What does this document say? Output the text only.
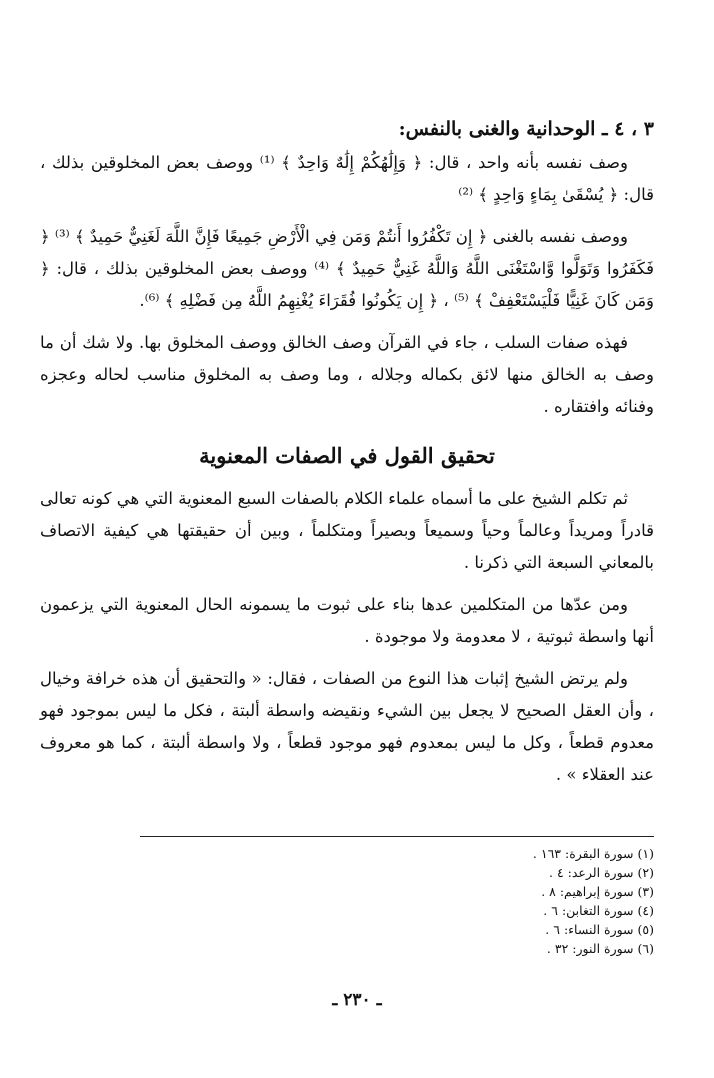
٣ ، ٤ ـ الوحدانية والغنى بالنفس:

وصف نفسه بأنه واحد ، قال: ﴿ وَإِلَٰهُكُمْ إِلَٰهٌ وَاحِدٌ ﴾ ⁽¹⁾ ووصف بعض المخلوقين بذلك ، قال: ﴿ يُسْقَىٰ بِمَاءٍ وَاحِدٍ ﴾ ⁽²⁾

ووصف نفسه بالغنى ﴿ إِن تَكْفُرُوا أَنتُمْ وَمَن فِي الْأَرْضِ جَمِيعًا فَإِنَّ اللَّهَ لَغَنِيٌّ حَمِيدٌ ﴾ ⁽³⁾ ﴿ فَكَفَرُوا وَتَوَلَّوا وَّاسْتَغْنَى اللَّهُ وَاللَّهُ غَنِيٌّ حَمِيدٌ ﴾ ⁽⁴⁾ ووصف بعض المخلوقين بذلك ، قال: ﴿ وَمَن كَانَ غَنِيًّا فَلْيَسْتَعْفِفْ ﴾ ⁽⁵⁾ ، ﴿ إِن يَكُونُوا فُقَرَاءَ يُغْنِهِمُ اللَّهُ مِن فَضْلِهِ ﴾ ⁽⁶⁾.

فهذه صفات السلب ، جاء في القرآن وصف الخالق ووصف المخلوق بها. ولا شك أن ما وصف به الخالق منها لائق بكماله وجلاله ، وما وصف به المخلوق مناسب لحاله وعجزه وفنائه وافتقاره .

تحقيق القول في الصفات المعنوية

ثم تكلم الشيخ على ما أسماه علماء الكلام بالصفات السبع المعنوية التي هي كونه تعالى قادراً ومريداً وعالماً وحياً وسميعاً وبصيراً ومتكلماً ، وبين أن حقيقتها هي كيفية الاتصاف بالمعاني السبعة التي ذكرنا .

ومن عدّها من المتكلمين عدها بناء على ثبوت ما يسمونه الحال المعنوية التي يزعمون أنها واسطة ثبوتية ، لا معدومة ولا موجودة .

ولم يرتض الشيخ إثبات هذا النوع من الصفات ، فقال: « والتحقيق أن هذه خرافة وخيال ، وأن العقل الصحيح لا يجعل بين الشيء ونقيضه واسطة ألبتة ، فكل ما ليس بموجود فهو معدوم قطعاً ، وكل ما ليس بمعدوم فهو موجود قطعاً ، ولا واسطة ألبتة ، كما هو معروف عند العقلاء » .

(١) سورة البقرة: ١٦٣ .
(٢) سورة الرعد: ٤ .
(٣) سورة إبراهيم: ٨ .
(٤) سورة التغابن: ٦ .
(٥) سورة النساء: ٦ .
(٦) سورة النور: ٣٢ .
ـ ٢٣٠ ـ
